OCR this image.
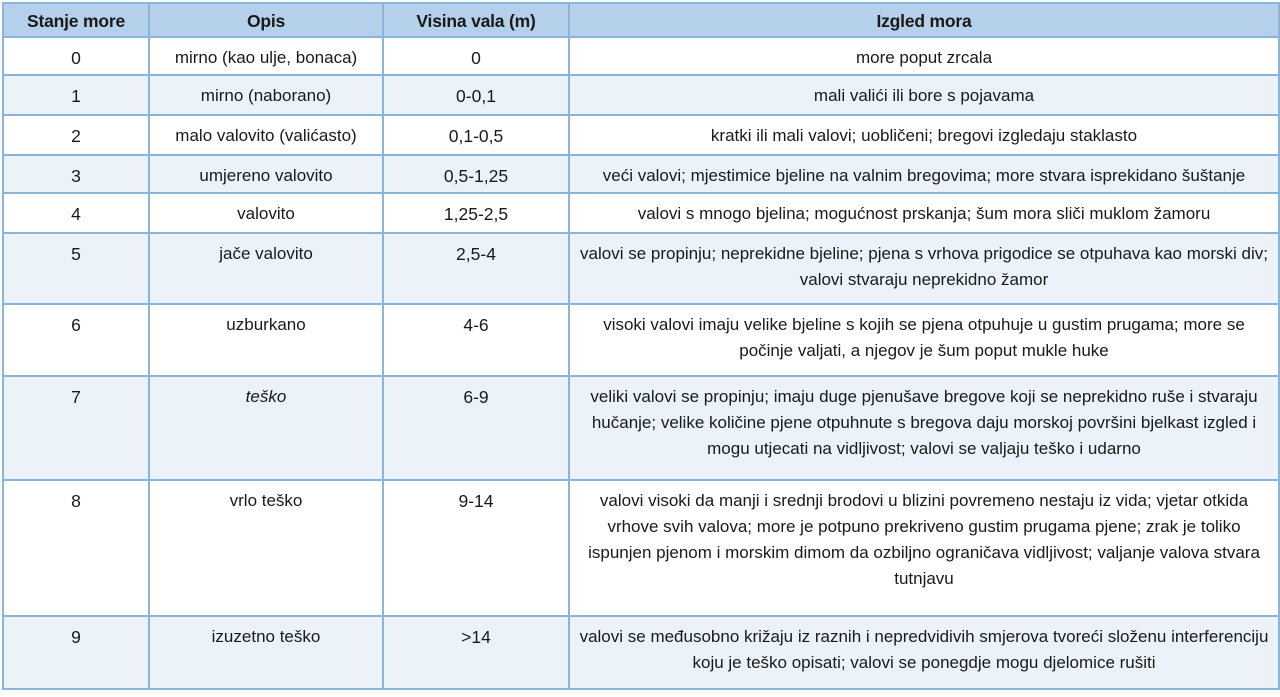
Stanje more	Opis	Visina vala (m)	Izgled mora
0	mirno (kao ulje, bonaca)	0	more poput zrcala
1	mirno (naborano)	0-0,1	mali valići ili bore s pojavama
2	malo valovito (valićasto)	0,1-0,5	kratki ili mali valovi; uobličeni; bregovi izgledaju staklasto
3	umjereno valovito	0,5-1,25	veći valovi; mjestimice bjeline na valnim bregovima; more stvara isprekidano šuštanje
4	valovito	1,25-2,5	valovi s mnogo bjelina; mogućnost prskanja; šum mora sliči muklom žamoru
5	jače valovito	2,5-4	valovi se propinju; neprekidne bjeline; pjena s vrhova prigodice se otpuhava kao morski div; valovi stvaraju neprekidno žamor
6	uzburkano	4-6	visoki valovi imaju velike bjeline s kojih se pjena otpuhuje u gustim prugama; more se počinje valjati, a njegov je šum poput mukle huke
7	teško	6-9	veliki valovi se propinju; imaju duge pjenušave bregove koji se neprekidno ruše i stvaraju hučanje; velike količine pjene otpuhnute s bregova daju morskoj površini bjelkast izgled i mogu utjecati na vidljivost; valovi se valjaju teško i udarno
8	vrlo teško	9-14	valovi visoki da manji i srednji brodovi u blizini povremeno nestaju iz vida; vjetar otkida vrhove svih valova; more je potpuno prekriveno gustim prugama pjene; zrak je toliko ispunjen pjenom i morskim dimom da ozbiljno ograničava vidljivost; valjanje valova stvara tutnjavu
9	izuzetno teško	>14	valovi se međusobno križaju iz raznih i nepredvidivih smjerova tvoreći složenu interferenciju koju je teško opisati; valovi se ponegdje mogu djelomice rušiti
